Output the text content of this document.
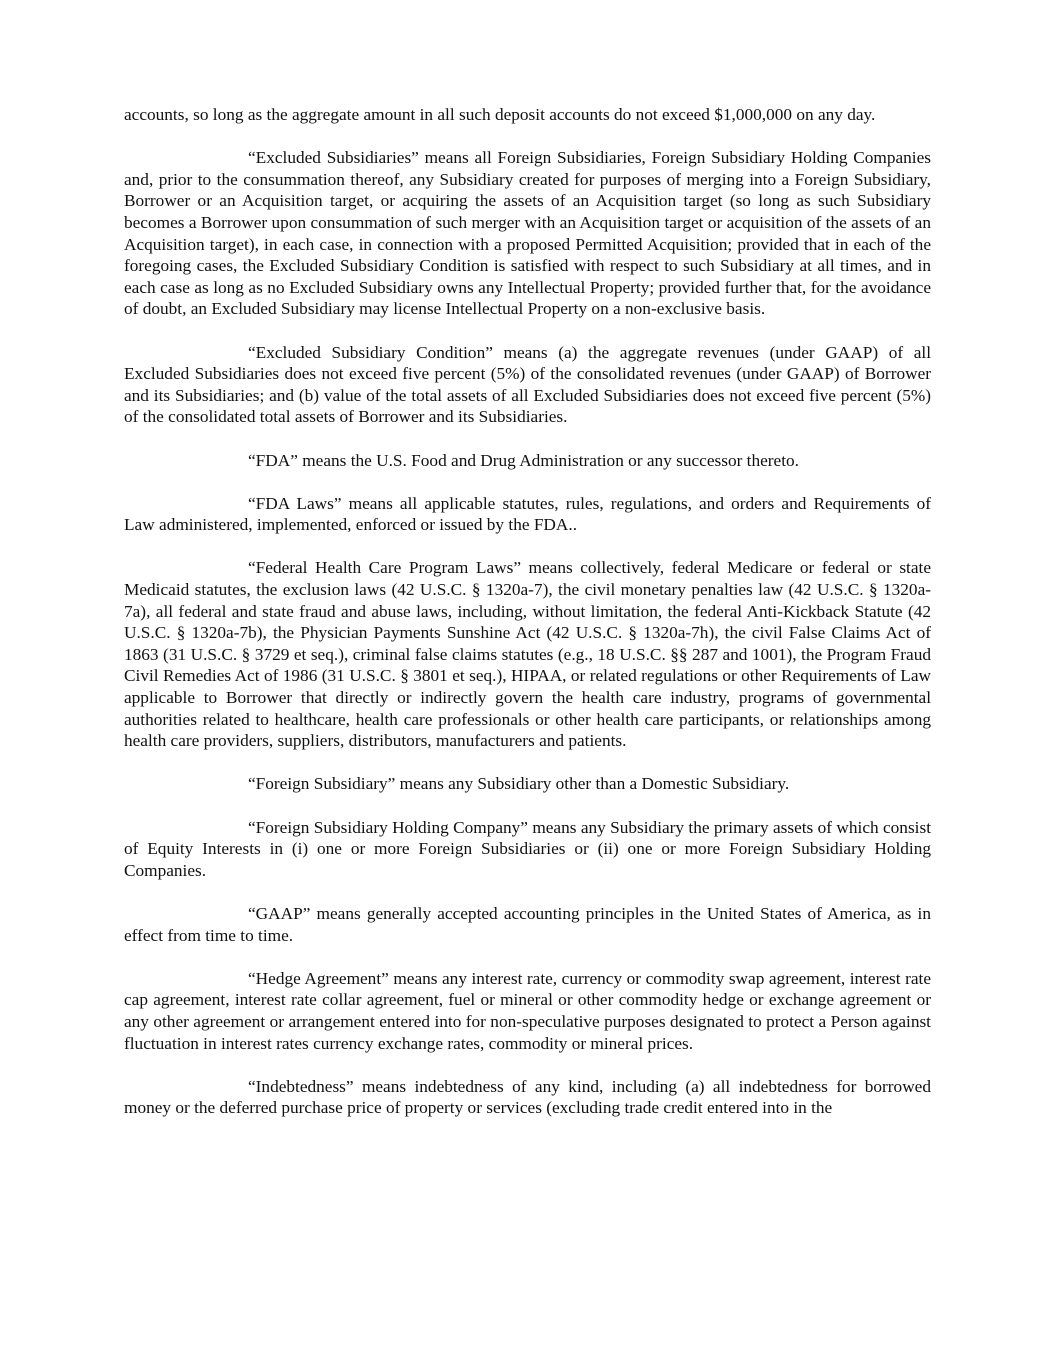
accounts, so long as the aggregate amount in all such deposit accounts do not exceed $1,000,000 on any day.

“Excluded Subsidiaries” means all Foreign Subsidiaries, Foreign Subsidiary Holding Companies and, prior to the consummation thereof, any Subsidiary created for purposes of merging into a Foreign Subsidiary, Borrower or an Acquisition target, or acquiring the assets of an Acquisition target (so long as such Subsidiary becomes a Borrower upon consummation of such merger with an Acquisition target or acquisition of the assets of an Acquisition target), in each case, in connection with a proposed Permitted Acquisition; provided that in each of the foregoing cases, the Excluded Subsidiary Condition is satisfied with respect to such Subsidiary at all times, and in each case as long as no Excluded Subsidiary owns any Intellectual Property; provided further that, for the avoidance of doubt, an Excluded Subsidiary may license Intellectual Property on a non-exclusive basis.

“Excluded Subsidiary Condition” means (a) the aggregate revenues (under GAAP) of all Excluded Subsidiaries does not exceed five percent (5%) of the consolidated revenues (under GAAP) of Borrower and its Subsidiaries; and (b) value of the total assets of all Excluded Subsidiaries does not exceed five percent (5%) of the consolidated total assets of Borrower and its Subsidiaries.

“FDA” means the U.S. Food and Drug Administration or any successor thereto.

“FDA Laws” means all applicable statutes, rules, regulations, and orders and Requirements of Law administered, implemented, enforced or issued by the FDA..

“Federal Health Care Program Laws” means collectively, federal Medicare or federal or state Medicaid statutes, the exclusion laws (42 U.S.C. § 1320a-7), the civil monetary penalties law (42 U.S.C. § 1320a-7a), all federal and state fraud and abuse laws, including, without limitation, the federal Anti-Kickback Statute (42 U.S.C. § 1320a-7b), the Physician Payments Sunshine Act (42 U.S.C. § 1320a-7h), the civil False Claims Act of 1863 (31 U.S.C. § 3729 et seq.), criminal false claims statutes (e.g., 18 U.S.C. §§ 287 and 1001), the Program Fraud Civil Remedies Act of 1986 (31 U.S.C. § 3801 et seq.), HIPAA, or related regulations or other Requirements of Law applicable to Borrower that directly or indirectly govern the health care industry, programs of governmental authorities related to healthcare, health care professionals or other health care participants, or relationships among health care providers, suppliers, distributors, manufacturers and patients.

“Foreign Subsidiary” means any Subsidiary other than a Domestic Subsidiary.

“Foreign Subsidiary Holding Company” means any Subsidiary the primary assets of which consist of Equity Interests in (i) one or more Foreign Subsidiaries or (ii) one or more Foreign Subsidiary Holding Companies.

“GAAP” means generally accepted accounting principles in the United States of America, as in effect from time to time.

“Hedge Agreement” means any interest rate, currency or commodity swap agreement, interest rate cap agreement, interest rate collar agreement, fuel or mineral or other commodity hedge or exchange agreement or any other agreement or arrangement entered into for non-speculative purposes designated to protect a Person against fluctuation in interest rates currency exchange rates, commodity or mineral prices.

“Indebtedness” means indebtedness of any kind, including (a) all indebtedness for borrowed money or the deferred purchase price of property or services (excluding trade credit entered into in the
